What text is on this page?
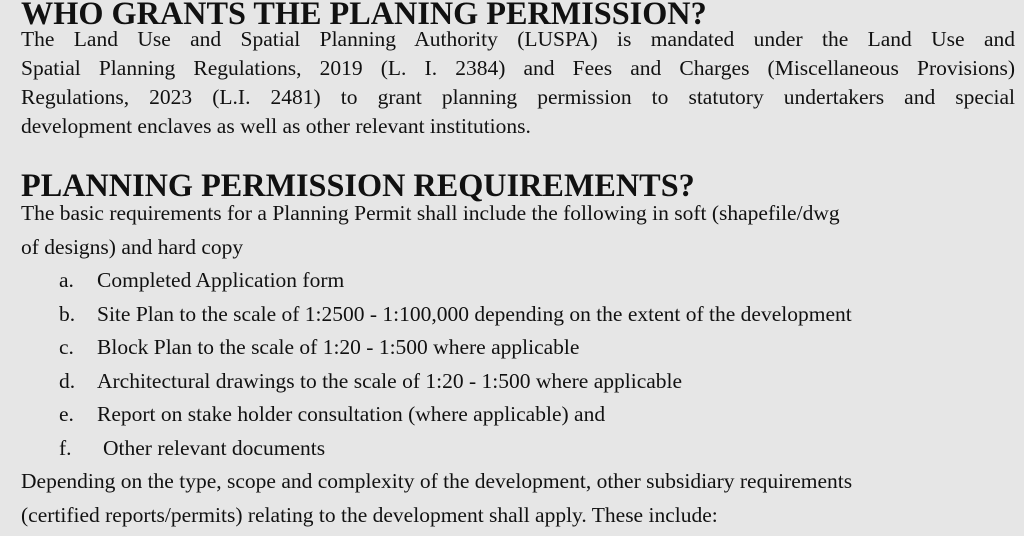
WHO GRANTS THE PLANING PERMISSION?

The Land Use and Spatial Planning Authority (LUSPA) is mandated under the Land Use and

Spatial Planning Regulations, 2019 (L. I. 2384) and Fees and Charges (Miscellaneous Provisions)

Regulations, 2023 (L.I. 2481) to grant planning permission to statutory undertakers and special

development enclaves as well as other relevant institutions.

PLANNING PERMISSION REQUIREMENTS?

The basic requirements for a Planning Permit shall include the following in soft (shapefile/dwg

of designs) and hard copy

a.	Completed Application form
b.	Site Plan to the scale of 1:2500 - 1:100,000 depending on the extent of the development
c.	Block Plan to the scale of 1:20 - 1:500 where applicable
d.	Architectural drawings to the scale of 1:20 - 1:500 where applicable
e.	Report on stake holder consultation (where applicable) and
f.	Other relevant documents

Depending on the type, scope and complexity of the development, other subsidiary requirements

(certified reports/permits) relating to the development shall apply. These include:
